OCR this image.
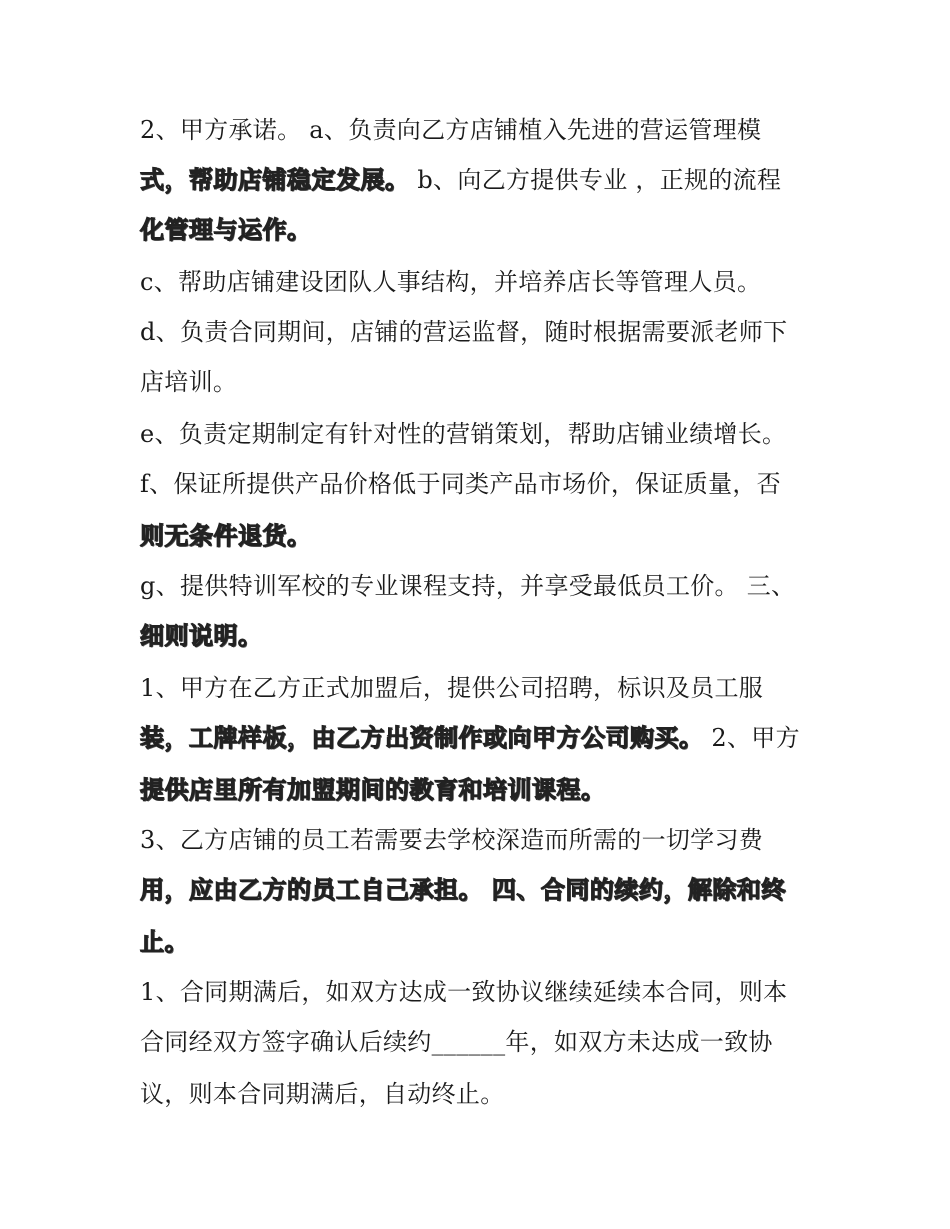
2、甲方承诺。 a、负责向乙方店铺植入先进的营运管理模
式，帮助店铺稳定发展。 b、向乙方提供专业 ，正规的流程
化管理与运作。
c、帮助店铺建设团队人事结构，并培养店长等管理人员。
d、负责合同期间，店铺的营运监督，随时根据需要派老师下
店培训。
e、负责定期制定有针对性的营销策划，帮助店铺业绩增长。
f、保证所提供产品价格低于同类产品市场价，保证质量，否
则无条件退货。
g、提供特训军校的专业课程支持，并享受最低员工价。 三、
细则说明。
1、甲方在乙方正式加盟后，提供公司招聘，标识及员工服
装，工牌样板，由乙方出资制作或向甲方公司购买。 2、甲方
提供店里所有加盟期间的教育和培训课程。
3、乙方店铺的员工若需要去学校深造而所需的一切学习费
用，应由乙方的员工自己承担。 四、合同的续约，解除和终
止。
1、合同期满后，如双方达成一致协议继续延续本合同，则本
合同经双方签字确认后续约______年，如双方未达成一致协
议，则本合同期满后，自动终止。
